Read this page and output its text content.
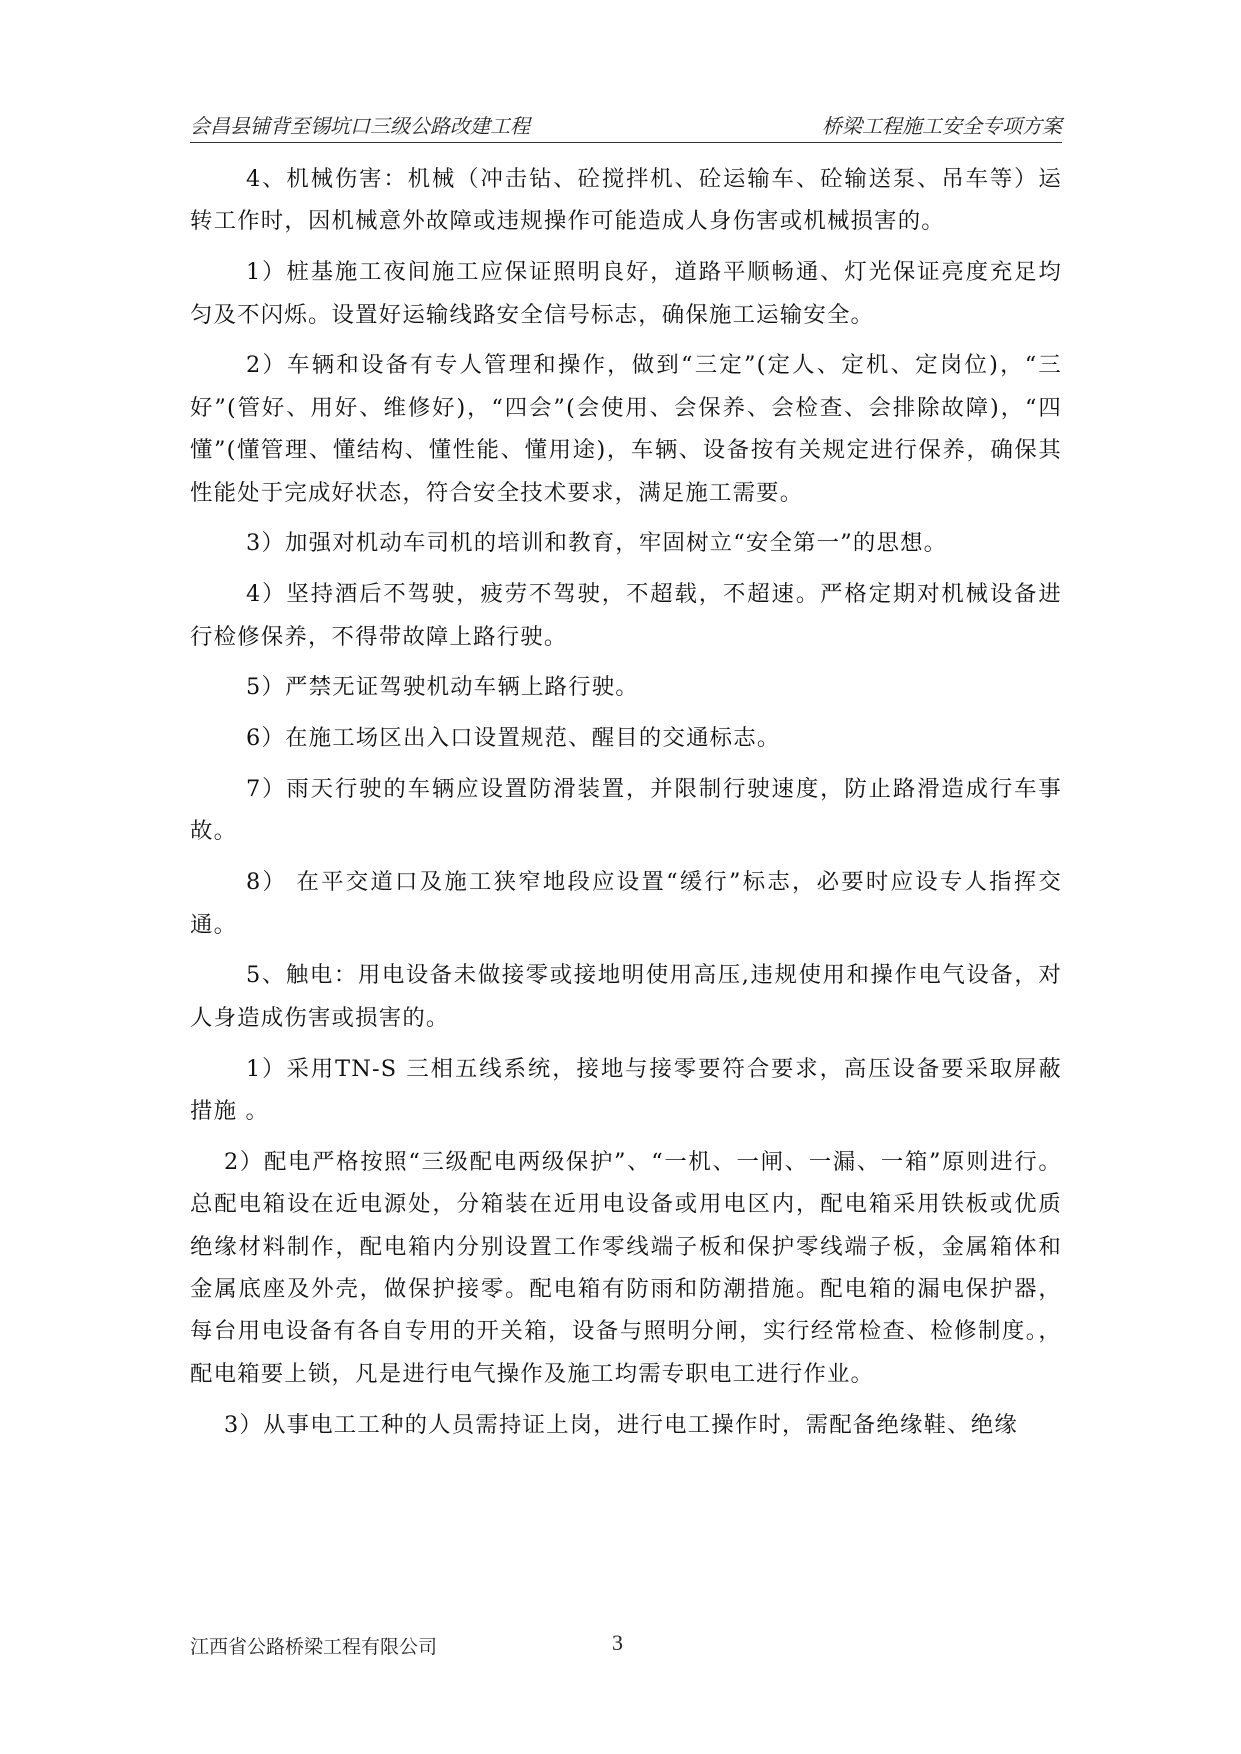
会昌县铺背至锡坑口三级公路改建工程	桥梁工程施工安全专项方案

4、机械伤害：机械（冲击钻、砼搅拌机、砼运输车、砼输送泵、吊车等）运转工作时，因机械意外故障或违规操作可能造成人身伤害或机械损害的。

1）桩基施工夜间施工应保证照明良好，道路平顺畅通、灯光保证亮度充足均匀及不闪烁。设置好运输线路安全信号标志，确保施工运输安全。

2）车辆和设备有专人管理和操作，做到“三定”(定人、定机、定岗位)，“三好”(管好、用好、维修好)，“四会”(会使用、会保养、会检查、会排除故障)，“四懂”(懂管理、懂结构、懂性能、懂用途)，车辆、设备按有关规定进行保养，确保其性能处于完成好状态，符合安全技术要求，满足施工需要。

3）加强对机动车司机的培训和教育，牢固树立“安全第一”的思想。

4）坚持酒后不驾驶，疲劳不驾驶，不超载，不超速。严格定期对机械设备进行检修保养，不得带故障上路行驶。

5）严禁无证驾驶机动车辆上路行驶。

6）在施工场区出入口设置规范、醒目的交通标志。

7）雨天行驶的车辆应设置防滑装置，并限制行驶速度，防止路滑造成行车事故。

8） 在平交道口及施工狭窄地段应设置“缓行”标志，必要时应设专人指挥交通。

5、触电：用电设备未做接零或接地明使用高压,违规使用和操作电气设备，对人身造成伤害或损害的。

1）采用TN-S 三相五线系统，接地与接零要符合要求，高压设备要采取屏蔽措施 。

2）配电严格按照“三级配电两级保护”、“一机、一闸、一漏、一箱”原则进行。 总配电箱设在近电源处，分箱装在近用电设备或用电区内，配电箱采用铁板或优质绝缘材料制作，配电箱内分别设置工作零线端子板和保护零线端子板，金属箱体和金属底座及外壳，做保护接零。配电箱有防雨和防潮措施。配电箱的漏电保护器，每台用电设备有各自专用的开关箱，设备与照明分闸，实行经常检查、检修制度。，配电箱要上锁，凡是进行电气操作及施工均需专职电工进行作业。

3）从事电工工种的人员需持证上岗，进行电工操作时，需配备绝缘鞋、绝缘

江西省公路桥梁工程有限公司	3
